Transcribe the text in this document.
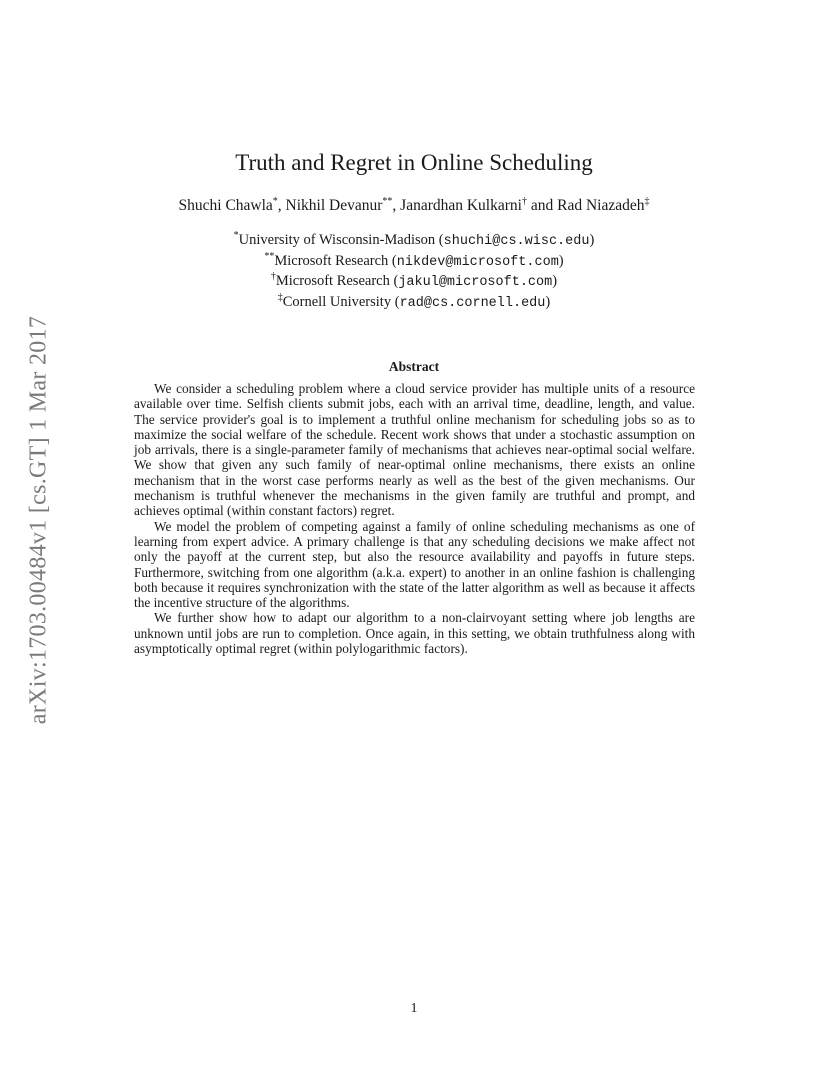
arXiv:1703.00484v1 [cs.GT] 1 Mar 2017
Truth and Regret in Online Scheduling
Shuchi Chawla*, Nikhil Devanur**, Janardhan Kulkarni† and Rad Niazadeh‡
*University of Wisconsin-Madison (shuchi@cs.wisc.edu)
**Microsoft Research (nikdev@microsoft.com)
†Microsoft Research (jakul@microsoft.com)
‡Cornell University (rad@cs.cornell.edu)
Abstract

We consider a scheduling problem where a cloud service provider has multiple units of a resource available over time. Selfish clients submit jobs, each with an arrival time, deadline, length, and value. The service provider's goal is to implement a truthful online mechanism for scheduling jobs so as to maximize the social welfare of the schedule. Recent work shows that under a stochastic assumption on job arrivals, there is a single-parameter family of mechanisms that achieves near-optimal social welfare. We show that given any such family of near-optimal online mechanisms, there exists an online mechanism that in the worst case performs nearly as well as the best of the given mechanisms. Our mechanism is truthful whenever the mechanisms in the given family are truthful and prompt, and achieves optimal (within constant factors) regret.

We model the problem of competing against a family of online scheduling mechanisms as one of learning from expert advice. A primary challenge is that any scheduling decisions we make affect not only the payoff at the current step, but also the resource availability and payoffs in future steps. Furthermore, switching from one algorithm (a.k.a. expert) to another in an online fashion is challenging both because it requires synchronization with the state of the latter algorithm as well as because it affects the incentive structure of the algorithms.

We further show how to adapt our algorithm to a non-clairvoyant setting where job lengths are unknown until jobs are run to completion. Once again, in this setting, we obtain truthfulness along with asymptotically optimal regret (within polylogarithmic factors).

1
